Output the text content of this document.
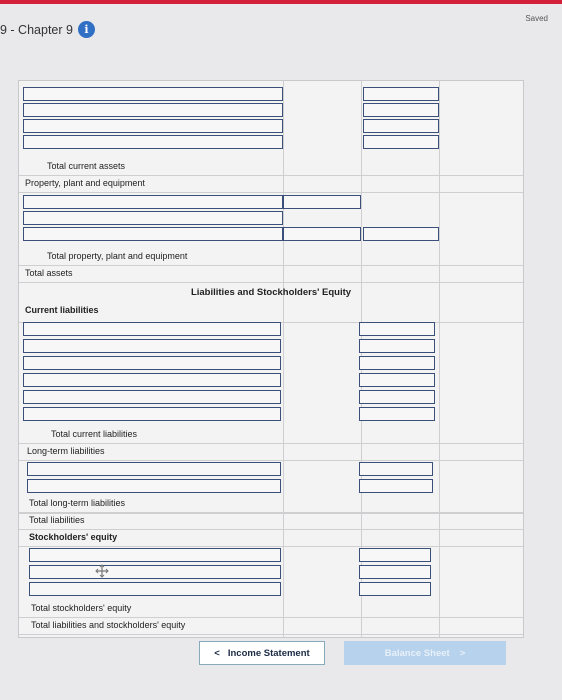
9 - Chapter 9	i
Saved
Total current assets
Property, plant and equipment
Total property, plant and equipment
Total assets
Liabilities and Stockholders' Equity
Current liabilities
Total current liabilities
Long-term liabilities
Total long-term liabilities
Total liabilities
Stockholders' equity
Total stockholders' equity
Total liabilities and stockholders' equity
< Income Statement	Balance Sheet >
